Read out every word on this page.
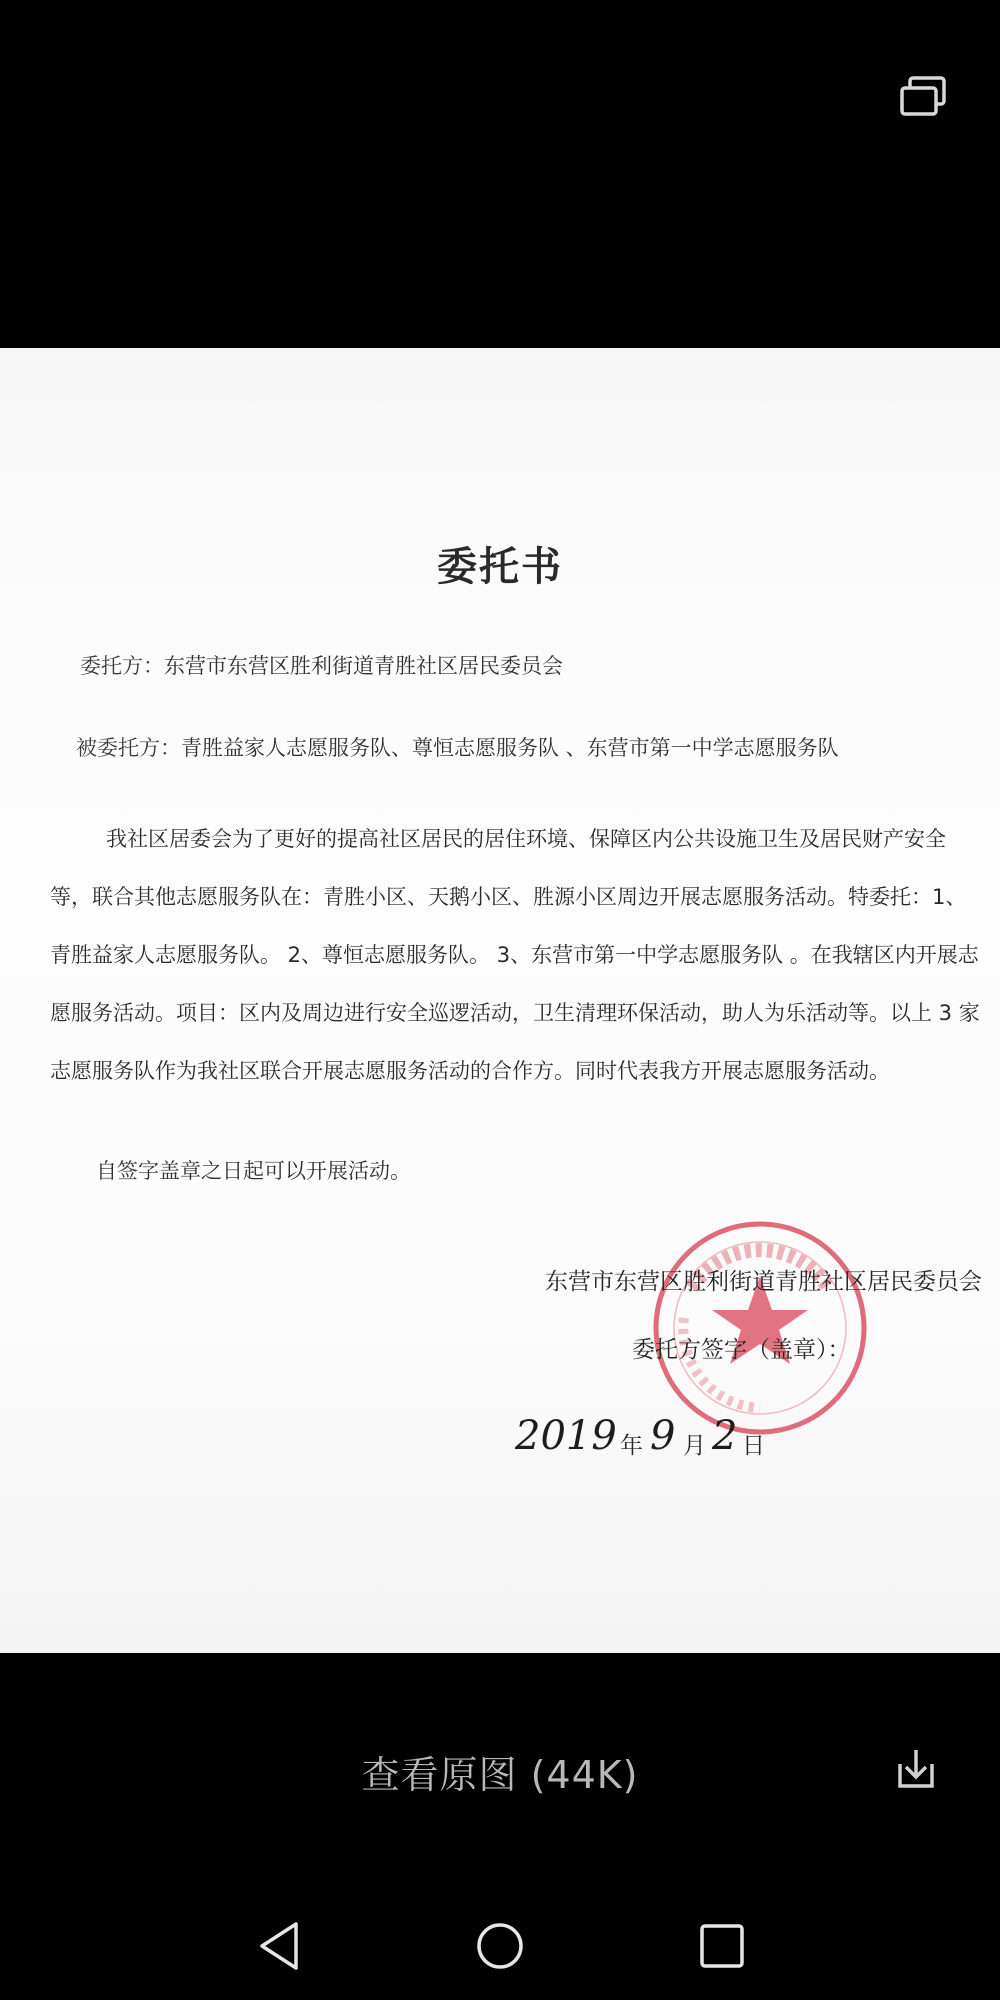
委托书
委托方：东营市东营区胜利街道青胜社区居民委员会
被委托方：青胜益家人志愿服务队、尊恒志愿服务队 、东营市第一中学志愿服务队
我社区居委会为了更好的提高社区居民的居住环境、保障区内公共设施卫生及居民财产安全等，联合其他志愿服务队在：青胜小区、天鹅小区、胜源小区周边开展志愿服务活动。特委托：1、青胜益家人志愿服务队。 2、尊恒志愿服务队。 3、东营市第一中学志愿服务队 。在我辖区内开展志愿服务活动。项目：区内及周边进行安全巡逻活动，卫生清理环保活动，助人为乐活动等。以上 3 家志愿服务队作为我社区联合开展志愿服务活动的合作方。同时代表我方开展志愿服务活动。
自签字盖章之日起可以开展活动。
东营市东营区胜利街道青胜社区居民委员会
委托方签字（盖章）：
2019 年 9 月 2 日
查看原图 (44K)
